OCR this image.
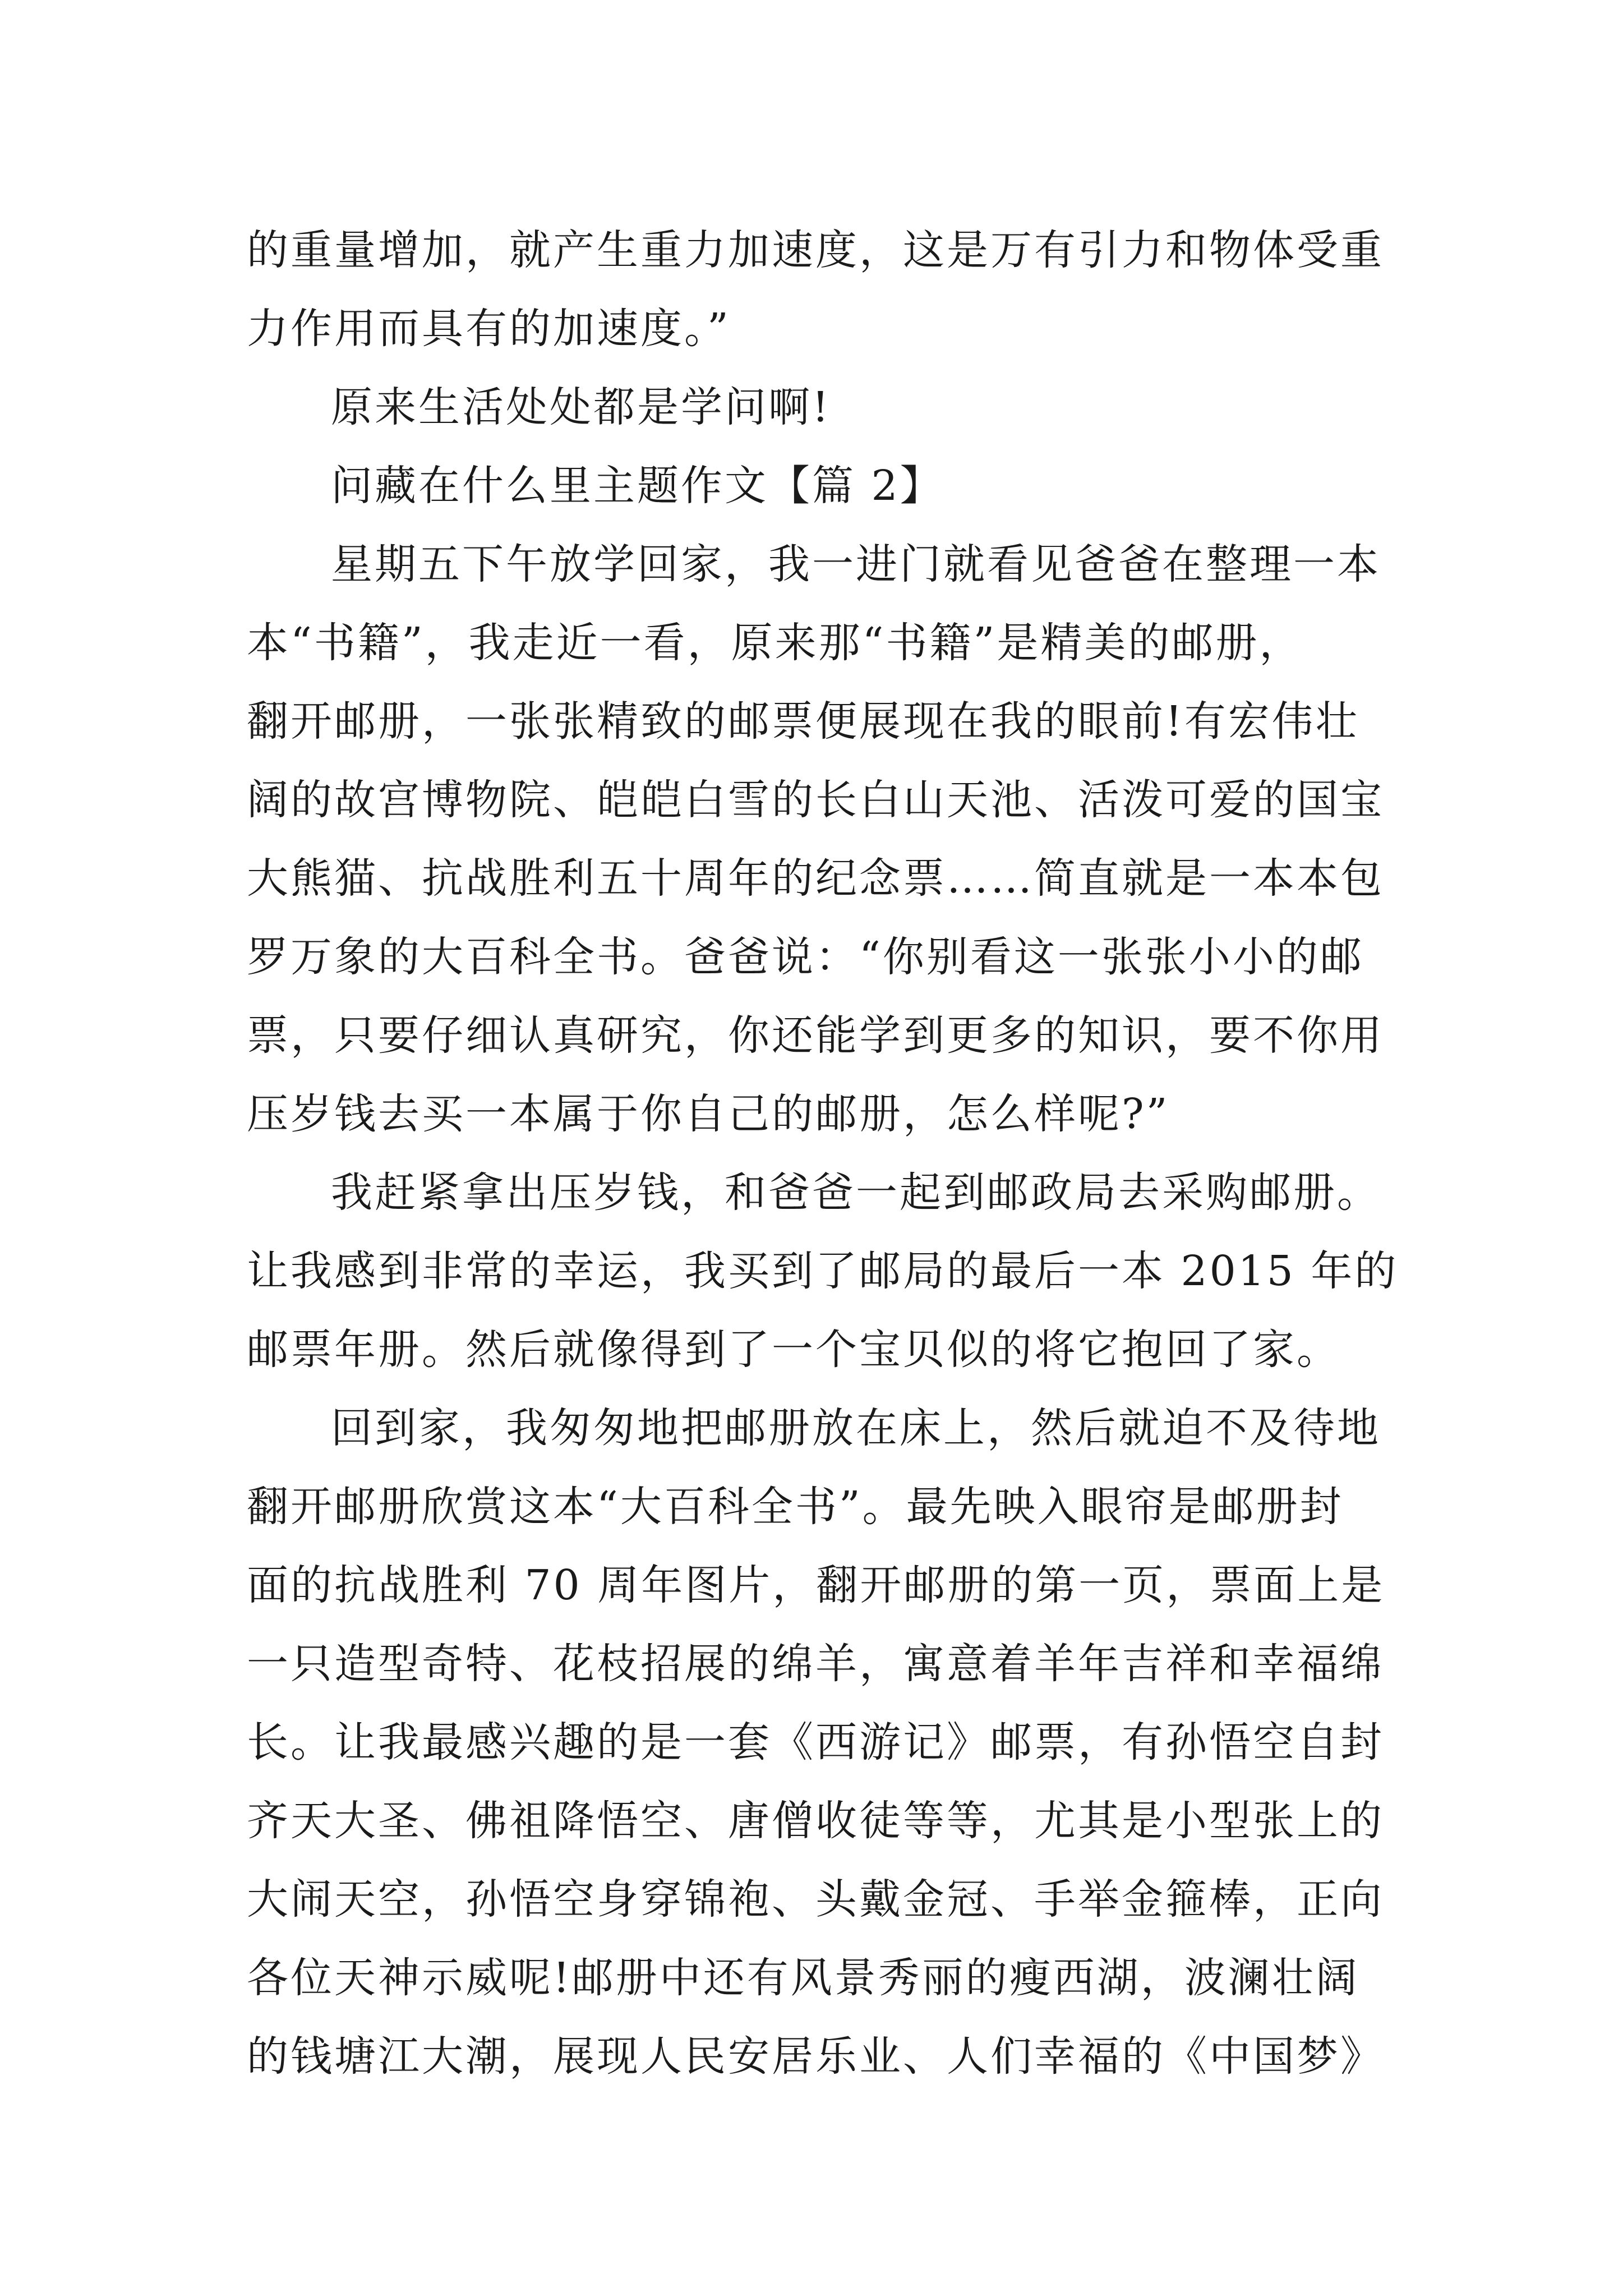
的重量增加，就产生重力加速度，这是万有引力和物体受重
力作用而具有的加速度。”
原来生活处处都是学问啊!
问藏在什么里主题作文【篇 2】
星期五下午放学回家，我一进门就看见爸爸在整理一本
本“书籍”，我走近一看，原来那“书籍”是精美的邮册，
翻开邮册，一张张精致的邮票便展现在我的眼前!有宏伟壮
阔的故宫博物院、皑皑白雪的长白山天池、活泼可爱的国宝
大熊猫、抗战胜利五十周年的纪念票……简直就是一本本包
罗万象的大百科全书。爸爸说：“你别看这一张张小小的邮
票，只要仔细认真研究，你还能学到更多的知识，要不你用
压岁钱去买一本属于你自己的邮册，怎么样呢?”
我赶紧拿出压岁钱，和爸爸一起到邮政局去采购邮册。
让我感到非常的幸运，我买到了邮局的最后一本 2015 年的
邮票年册。然后就像得到了一个宝贝似的将它抱回了家。
回到家，我匆匆地把邮册放在床上，然后就迫不及待地
翻开邮册欣赏这本“大百科全书”。最先映入眼帘是邮册封
面的抗战胜利 70 周年图片，翻开邮册的第一页，票面上是
一只造型奇特、花枝招展的绵羊，寓意着羊年吉祥和幸福绵
长。让我最感兴趣的是一套《西游记》邮票，有孙悟空自封
齐天大圣、佛祖降悟空、唐僧收徒等等，尤其是小型张上的
大闹天空，孙悟空身穿锦袍、头戴金冠、手举金箍棒，正向
各位天神示威呢!邮册中还有风景秀丽的瘦西湖，波澜壮阔
的钱塘江大潮，展现人民安居乐业、人们幸福的《中国梦》
